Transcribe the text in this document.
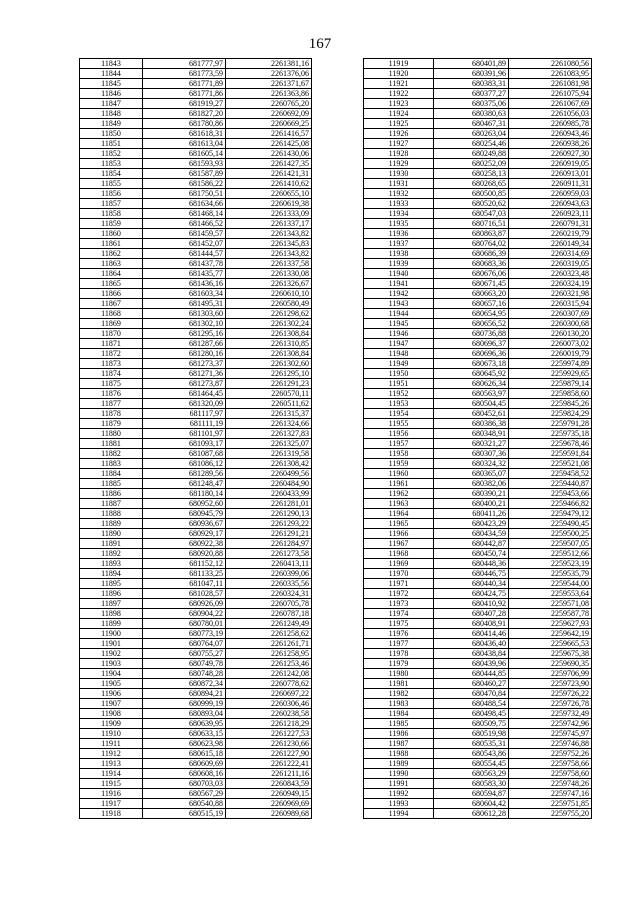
167
11843	681777,97	2261381,16
11844	681773,59	2261376,06
11845	681771,89	2261371,67
11846	681771,86	2261363,86
11847	681919,27	2260765,20
11848	681827,20	2260692,09
11849	681780,86	2260669,25
11850	681618,31	2261416,57
11851	681613,04	2261425,08
11852	681605,14	2261430,06
11853	681593,93	2261427,35
11854	681587,89	2261421,31
11855	681586,22	2261410,62
11856	681750,51	2260655,10
11857	681634,66	2260619,38
11858	681468,14	2261333,09
11859	681466,52	2261337,17
11860	681459,57	2261343,82
11861	681452,07	2261345,83
11862	681444,57	2261343,82
11863	681437,78	2261337,58
11864	681435,77	2261330,08
11865	681436,16	2261326,67
11866	681603,34	2260610,10
11867	681495,31	2260580,49
11868	681303,60	2261298,62
11869	681302,10	2261302,24
11870	681295,16	2261308,84
11871	681287,66	2261310,85
11872	681280,16	2261308,84
11873	681273,37	2261302,60
11874	681271,36	2261295,10
11875	681273,87	2261291,23
11876	681464,45	2260570,11
11877	681320,09	2260511,62
11878	681117,97	2261315,37
11879	681111,19	2261324,66
11880	681101,97	2261327,83
11881	681093,17	2261325,07
11882	681087,68	2261319,58
11883	681086,12	2261308,42
11884	681289,56	2260499,56
11885	681248,47	2260484,90
11886	681180,14	2260433,99
11887	680952,60	2261281,01
11888	680945,79	2261290,13
11889	680936,67	2261293,22
11890	680929,17	2261291,21
11891	680922,38	2261284,97
11892	680920,88	2261273,58
11893	681152,12	2260413,11
11894	681133,25	2260399,06
11895	681047,11	2260335,56
11896	681028,57	2260324,31
11897	680926,09	2260705,78
11898	680904,22	2260787,18
11899	680780,01	2261249,49
11900	680773,19	2261258,62
11901	680764,07	2261261,71
11902	680755,27	2261258,95
11903	680749,78	2261253,46
11904	680748,28	2261242,08
11905	680872,34	2260778,62
11906	680894,21	2260697,22
11907	680999,19	2260306,46
11908	680893,04	2260238,58
11909	680639,95	2261218,29
11910	680633,15	2261227,53
11911	680623,98	2261230,66
11912	680615,18	2261227,90
11913	680609,69	2261222,41
11914	680608,16	2261211,16
11915	680703,03	2260843,59
11916	680567,29	2260949,15
11917	680540,88	2260969,69
11918	680515,19	2260989,68
11919	680401,89	2261080,56
11920	680391,96	2261083,95
11921	680383,31	2261081,98
11922	680377,27	2261075,94
11923	680375,06	2261067,69
11924	680380,63	2261056,03
11925	680467,31	2260985,78
11926	680263,04	2260943,46
11927	680254,46	2260938,26
11928	680249,88	2260927,30
11929	680252,09	2260919,05
11930	680258,13	2260913,01
11931	680268,65	2260911,31
11932	680500,85	2260959,03
11933	680520,62	2260943,63
11934	680547,03	2260923,11
11935	680716,51	2260791,31
11936	680863,87	2260219,79
11937	680764,02	2260149,34
11938	680686,39	2260314,69
11939	680683,36	2260319,05
11940	680676,06	2260323,48
11941	680671,45	2260324,19
11942	680663,20	2260321,98
11943	680657,16	2260315,94
11944	680654,95	2260307,69
11945	680656,52	2260300,68
11946	680736,88	2260130,20
11947	680696,37	2260073,02
11948	680696,36	2260019,79
11949	680673,18	2259974,89
11950	680645,92	2259929,65
11951	680626,34	2259879,14
11952	680563,97	2259858,60
11953	680504,45	2259845,26
11954	680452,61	2259824,29
11955	680386,38	2259791,28
11956	680348,91	2259735,18
11957	680321,27	2259678,46
11958	680307,36	2259591,84
11959	680324,32	2259521,08
11960	680365,07	2259458,52
11961	680382,06	2259440,87
11962	680390,21	2259453,66
11963	680400,21	2259466,82
11964	680411,26	2259479,12
11965	680423,29	2259490,45
11966	680434,59	2259500,25
11967	680442,87	2259507,05
11968	680450,74	2259512,66
11969	680448,36	2259523,19
11970	680446,75	2259535,79
11971	680440,34	2259544,00
11972	680424,75	2259553,64
11973	680410,92	2259571,08
11974	680407,28	2259587,78
11975	680408,91	2259627,93
11976	680414,46	2259642,19
11977	680436,40	2259665,53
11978	680438,84	2259675,38
11979	680439,96	2259690,35
11980	680444,85	2259706,99
11981	680460,27	2259723,90
11982	680470,84	2259726,22
11983	680488,54	2259726,78
11984	680498,45	2259732,49
11985	680509,75	2259742,96
11986	680519,98	2259745,97
11987	680535,31	2259746,88
11988	680543,86	2259752,26
11989	680554,45	2259758,66
11990	680563,29	2259758,60
11991	680583,30	2259748,26
11992	680594,87	2259747,16
11993	680604,42	2259751,85
11994	680612,28	2259755,20
